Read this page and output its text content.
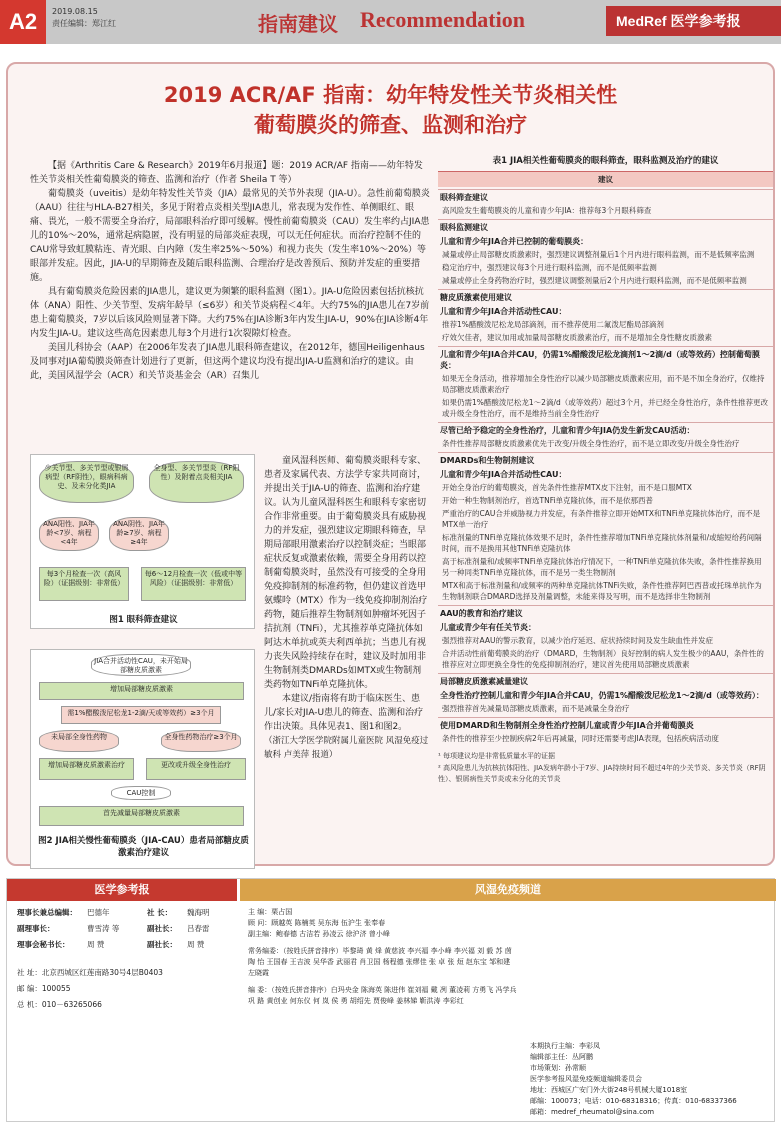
A2	2019.08.15
责任编辑：郑江红	指南建议 Recommendation	MedRef 医学参考报
2019 ACR/AF 指南：幼年特发性关节炎相关性
葡萄膜炎的筛查、监测和治疗

【据《Arthritis Care & Research》2019年6月报道】题：2019 ACR/AF 指南——幼年特发性关节炎相关性葡萄膜炎的筛查、监测和治疗（作者 Sheila T 等）

葡萄膜炎（uveitis）是幼年特发性关节炎（JIA）最常见的关节外表现（JIA-U）。急性前葡萄膜炎（AAU）往往与HLA-B27相关，多见于附着点炎相关型JIA患儿，常表现为发作性、单侧眼红、眼痛、畏光，一般不需要全身治疗，局部眼科治疗即可缓解。慢性前葡萄膜炎（CAU）发生率约占JIA患儿的10%～20%，通常起病隐匿，没有明显的局部炎症表现，可以无任何症状。而治疗控制不佳的CAU常导致虹膜粘连、青光眼、白内障（发生率25%～50%）和视力丧失（发生率10%～20%）等眼部并发症。因此，JIA-U的早期筛查及随后眼科监测、合理治疗是改善预后、预防并发症的重要措施。

具有葡萄膜炎危险因素的JIA患儿，建议更为频繁的眼科监测（图1）。JIA-U危险因素包括抗核抗体（ANA）阳性、少关节型、发病年龄早（≤6岁）和关节炎病程＜4年。大约75%的JIA患儿在7岁前患上葡萄膜炎，7岁以后该风险则显著下降。大约75%在JIA诊断3年内发生JIA-U，90%在JIA诊断4年内发生JIA-U。建议这些高危因素患儿每3个月进行1次裂隙灯检查。

美国儿科协会（AAP）在2006年发表了JIA患儿眼科筛查建议，在2012年，德国Heiligenhaus及同事对JIA葡萄膜炎筛查计划进行了更新，但这两个建议均没有提出JIA-U监测和治疗的建议。由此，美国风湿学会（ACR）和关节炎基金会（AR）召集儿

少关节型、多关节型或银屑病型（RF阴性），眼病科病史、及未分化类JIA
全身型、多关节型炎（RF阳性）及附着点炎相关JIA
ANA阳性、JIA年龄<7岁、病程<4年
ANA阴性、JIA年龄≥7岁、病程≥4年
每3个月检查一次（高风险）（证据级别：非常低）
每6～12月检查一次（低或中等风险）（证据级别：非常低）
图1 眼科筛查建议
JIA合并活动性CAU，未开始局部糖皮质激素
增加局部糖皮质激素
需1%醋酸泼尼松龙1-2滴/天或等效药）≥3个月
未局部全身性药物	全身性药物治疗≥3个月
增加局部糖皮质激素治疗	更改或升级全身性治疗
CAU控制
首先减量局部糖皮质激素
图2 JIA相关慢性葡萄膜炎（JIA-CAU）患者局部糖皮质激素治疗建议

童风湿科医师、葡萄膜炎眼科专家、患者及家属代表、方法学专家共同商讨，并提出关于JIA-U的筛查、监测和治疗建议。认为儿童风湿科医生和眼科专家密切合作非常重要。由于葡萄膜炎具有威胁视力的并发症，强烈建议定期眼科筛查，早期局部眼用激素治疗以控制炎症；当眼部症状反复或激素依赖，需要全身用药以控制葡萄膜炎时，虽然没有可接受的全身用免疫抑制剂的标准药物，但仍建议首选甲氨蝶呤（MTX）作为一线免疫抑制剂治疗药物，随后推荐生物制剂如肿瘤坏死因子拮抗剂（TNFi），尤其推荐单克隆抗体如阿达木单抗或英夫利西单抗；当患儿有视力丧失风险持续存在时，建议及时加用非生物制剂类DMARDs如MTX或生物制剂类药物如TNFi单克隆抗体。

本建议/指南将有助于临床医生、患儿/家长对JIA-U患儿的筛查、监测和治疗作出决策。具体见表1、图1和图2。

（浙江大学医学院附属儿童医院 风湿免疫过敏科 卢美萍 报道）

表1 JIA相关性葡萄膜炎的眼科筛查，眼科监测及治疗的建议
建议
眼科筛查建议
高风险发生葡萄膜炎的儿童和青少年JIA：推荐每3个月眼科筛查
眼科监测建议
儿童和青少年JIA合并已控制的葡萄膜炎：
减量或停止局部糖皮质激素时，强烈建议调整剂量后1个月内进行眼科监测，而不是低频率监测
稳定治疗中，强烈建议每3个月进行眼科监测，而不是低频率监测
减量或停止全身药物治疗时，强烈建议调整剂量后2个月内进行眼科监测，而不是低频率监测
糖皮质激素使用建议
儿童和青少年JIA合并活动性CAU：
推荐1%醋酸泼尼松龙局部滴剂，而不推荐使用二氟泼尼酯局部滴剂
疗效欠佳者，建议加用或加量局部糖皮质激素治疗，而不是增加全身性糖皮质激素
儿童和青少年JIA合并CAU，仍需1%醋酸泼尼松龙滴剂1～2滴/d（或等效药）控制葡萄膜炎：
如果无全身活动，推荐增加全身性治疗以减少局部糖皮质激素应用，而不是不加全身治疗，仅维持局部糖皮质激素治疗
如果仍需1%醋酸泼尼松龙1～2滴/d（或等效药）超过3个月，并已经全身性治疗，条件性推荐更改或升级全身性治疗，而不是维持当前全身性治疗
尽管已给予稳定的全身性治疗，儿童和青少年JIA仍发生新发CAU活动：
条件性推荐局部糖皮质激素优先于改变/升级全身性治疗，而不是立即改变/升级全身性治疗
DMARDs和生物制剂建议
儿童和青少年JIA合并活动性CAU：
开始全身治疗的葡萄膜炎，首先条件性推荐MTX皮下注射，而不是口服MTX
开始一种生物制剂治疗，首选TNFi单克隆抗体，而不是依那西普
严重治疗的CAU合并威胁视力并发症，有条件推荐立即开始MTX和TNFi单克隆抗体治疗，而不是MTX单一治疗
标准剂量的TNFi单克隆抗体效果不足时，条件性推荐增加TNFi单克隆抗体剂量和/或缩短给药间隔时间，而不是换用其他TNFi单克隆抗体
高于标准剂量和/或频率TNFi单克隆抗体治疗情况下，一种TNFi单克隆抗体失败，条件性推荐换用另一种同类TNFi单克隆抗体，而不是另一类生物制剂
MTX和高于标准剂量和/或频率的两种单克隆抗体TNFi失败，条件性推荐阿巴西普或托珠单抗作为生物制剂联合DMARD选择及剂量调整，未能来得及写明，而不是选择非生物制剂
AAU的教育和治疗建议
儿童或青少年有任关节炎：
强烈推荐对AAU的警示教育，以减少治疗延迟、症状持续时间及发生缺血性并发症
合并活动性前葡萄膜炎的治疗（DMARD，生物制剂）良好控制的病人发生极少的AAU，条件性的推荐应对立即更换全身性的免疫抑制剂治疗，建议首先使用局部糖皮质激素
局部糖皮质激素减量建议
全身性治疗控制儿童和青少年JIA合并CAU，仍需1%醋酸泼尼松龙1～2滴/d（或等效药）：
强烈推荐首先减量局部糖皮质激素，而不是减量全身治疗
使用DMARD和生物制剂全身性治疗控制儿童或青少年JIA合并葡萄膜炎
条件性的推荐至少控制疾病2年后再减量，同时还需要考虑JIA表现，包括疾病活动度
¹ 每项建议均是非常低质量水平的证据
² 高风险患儿为抗核抗体阳性、JIA发病年龄小于7岁、JIA持续时间不超过4年的少关节炎、多关节炎（RF阴性）、银屑病性关节炎或未分化的关节炎
医学参考报
理事长兼总编辑：	巴德年	社 长：	魏海明
副理事长：	曹雪涛 等	副社长：	吕春雷
理事会秘书长：	周 赞	副社长：	周 赞
社 址：北京西城区红莲南路30号4层B0403
邮 编：100055
总 机：010－63265066
风湿免疫频道
主 编：栗占国
顾 问：顾越英 陈楠英 吴东海 伍沪生 张奉春
副主编：鲍春德 古洁若 孙凌云 徐沪济 曾小峰
常务编委：（按姓氏拼音排序）毕黎琦 黄 烽 黄慈波 李兴福 李小峰 李兴福 刘 毅 苏 茵 陶 怡 王国春 王吉波 吴华香 武丽君 肖卫国 杨程德 张缪佳 张 卓 张 烜 赵东宝 邹和建 左晓霞
编 委：（按姓氏拼音排序）白玛央金 陈海英 陈进伟 崔刘福 戴 冽 董凌莉 方勇飞 冯学兵 巩 路 黄创业 何东仪 何 岚 侯 勇 胡绍先 贾俊峰 姜林娣 靳洪涛 李彩红
本期执行主编：李彩凤
编辑部主任：丛阿鹏
市场策划：孙常顺
医学参考报风湿免疫频道编辑委员会
地址：西城区广安门外大街248号机械大厦1018室
邮编：100073；电话：010-68318316；传真：010-68337366
邮箱：medref_rheumatol@sina.com
